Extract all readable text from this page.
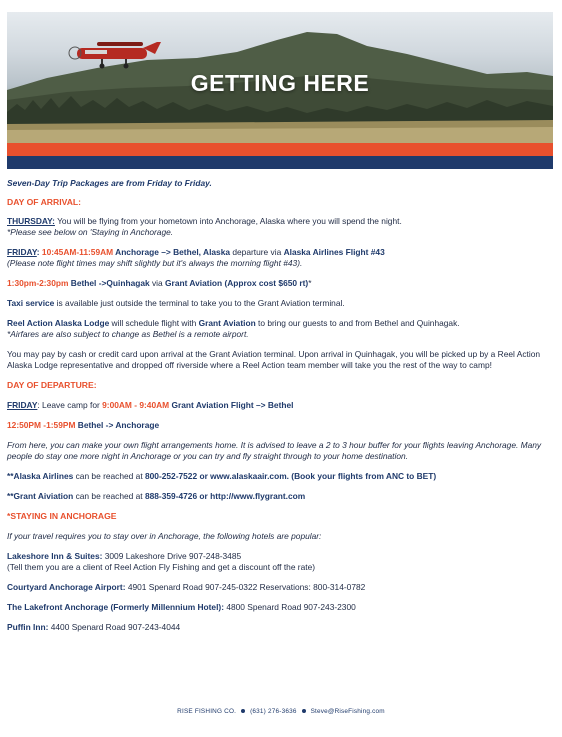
GETTING HERE
Seven-Day Trip Packages are from Friday to Friday.
DAY OF ARRIVAL:
THURSDAY: You will be flying from your hometown into Anchorage, Alaska where you will spend the night.
*Please see below on 'Staying in Anchorage.
FRIDAY: 10:45AM-11:59AM Anchorage –> Bethel, Alaska departure via Alaska Airlines Flight #43
(Please note flight times may shift slightly but it's always the morning flight #43).
1:30pm-2:30pm Bethel ->Quinhagak via Grant Aviation (Approx cost $650 rt)*
Taxi service is available just outside the terminal to take you to the Grant Aviation terminal.
Reel Action Alaska Lodge will schedule flight with Grant Aviation to bring our guests to and from Bethel and Quinhagak.
*Airfares are also subject to change as Bethel is a remote airport.
You may pay by cash or credit card upon arrival at the Grant Aviation terminal. Upon arrival in Quinhagak, you will be picked up by a Reel Action Alaska Lodge representative and dropped off riverside where a Reel Action team member will take you the rest of the way to camp!
DAY OF DEPARTURE:
FRIDAY: Leave camp for 9:00AM - 9:40AM Grant Aviation Flight –> Bethel
12:50PM -1:59PM Bethel -> Anchorage
From here, you can make your own flight arrangements home. It is advised to leave a 2 to 3 hour buffer for your flights leaving Anchorage. Many people do stay one more night in Anchorage or you can try and fly straight through to your home destination.
**Alaska Airlines can be reached at 800-252-7522 or www.alaskaair.com. (Book your flights from ANC to BET)
**Grant Aiviation can be reached at 888-359-4726 or http://www.flygrant.com
*STAYING IN ANCHORAGE
If your travel requires you to stay over in Anchorage, the following hotels are popular:
Lakeshore Inn & Suites: 3009 Lakeshore Drive 907-248-3485
(Tell them you are a client of Reel Action Fly Fishing and get a discount off the rate)
Courtyard Anchorage Airport: 4901 Spenard Road 907-245-0322 Reservations: 800-314-0782
The Lakefront Anchorage (Formerly Millennium Hotel): 4800 Spenard Road 907-243-2300
Puffin Inn: 4400 Spenard Road 907-243-4044
RISE FISHING CO. (631) 276-3636 Steve@RiseFishing.com
